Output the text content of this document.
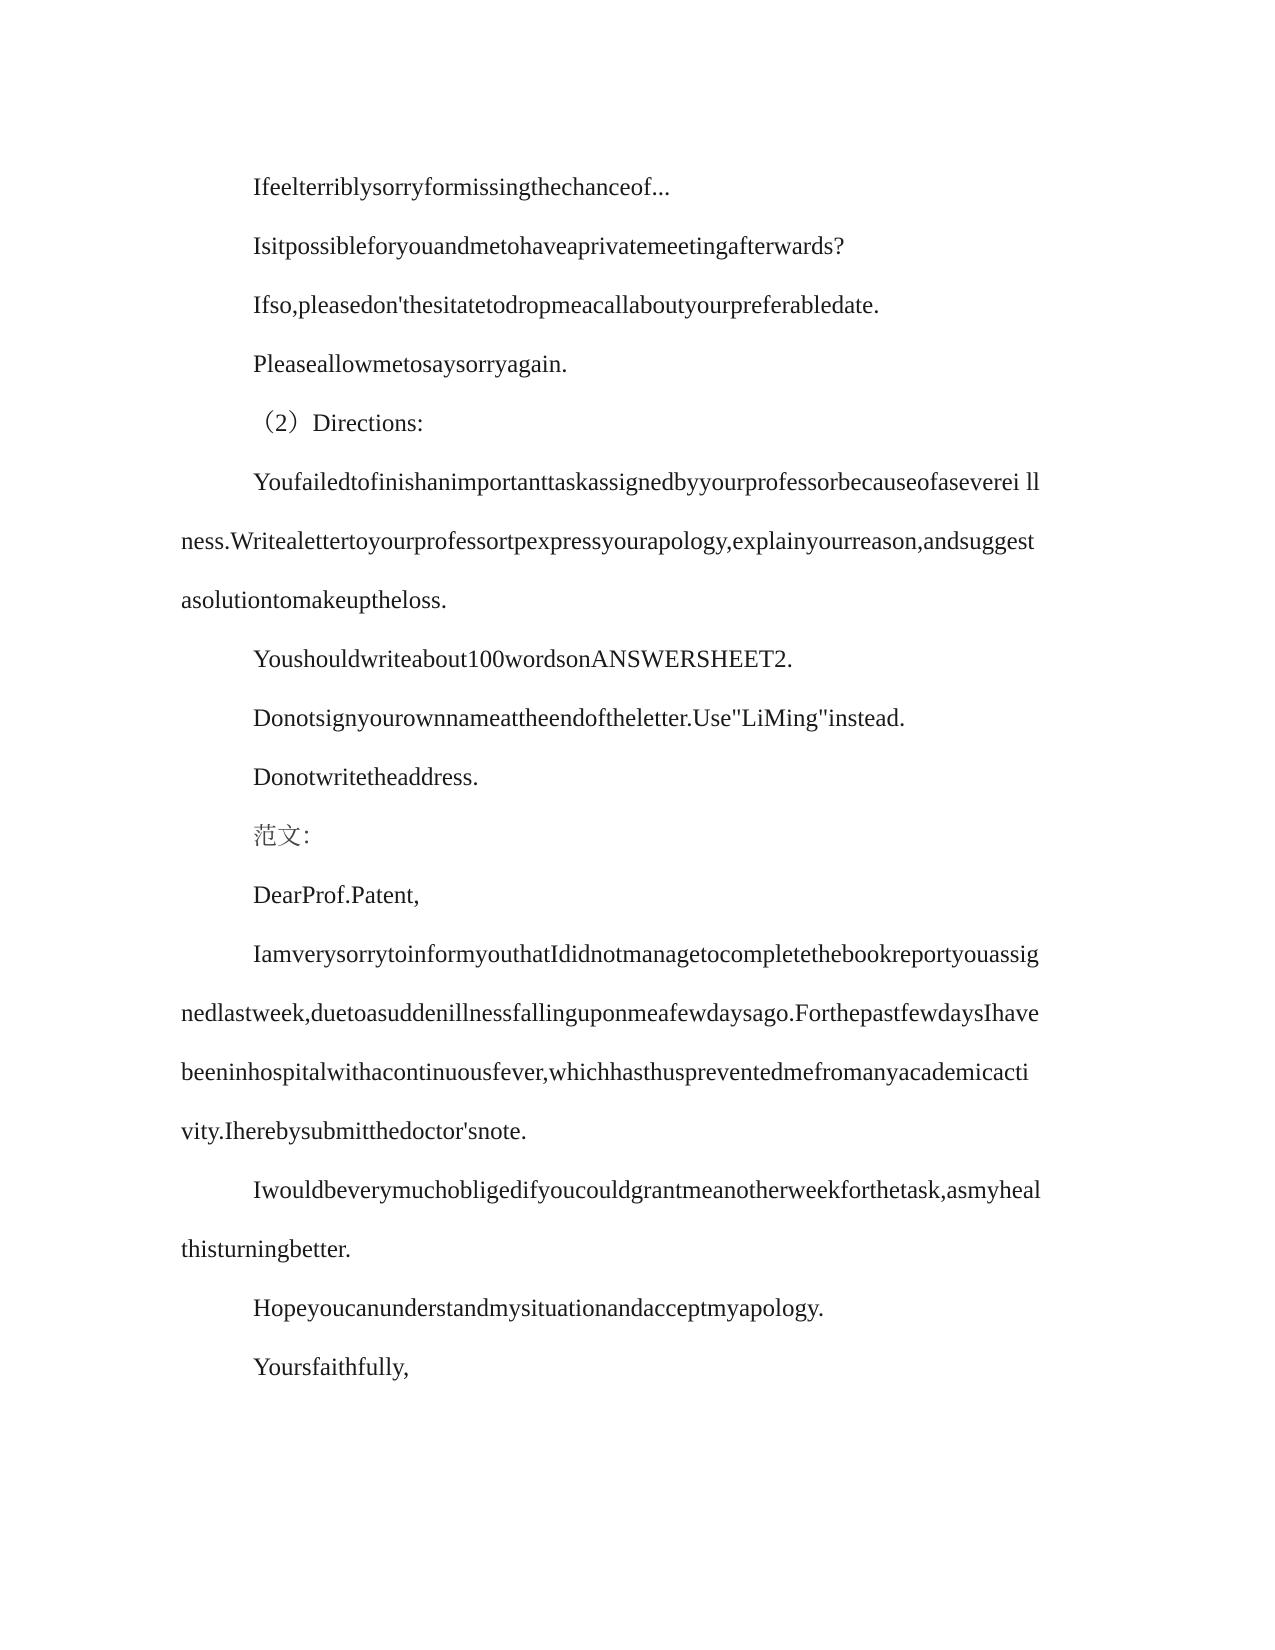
Ifeelterriblysorryformissingthechanceof...

Isitpossibleforyouandmetohaveaprivatemeetingafterwards?

Ifso,pleasedon'thesitatetodropmeacallaboutyourpreferabledate.

Pleaseallowmetosaysorryagain.

（2）Directions:

Youfailedtofinishanimportanttaskassignedbyyourprofessorbecauseofaseverei llness.Writealettertoyourprofessortpexpressyourapology,explainyourreason,andsuggestasolutiontomakeuptheloss.

Youshouldwriteabout100wordsonANSWERSHEET2.

Donotsignyourownnameattheendoftheletter.Use"LiMing"instead.

Donotwritetheaddress.

范文：

DearProf.Patent,

IamverysorrytoinformyouthatIdidnotmanagetocompletethebookreportyouassignedlastweek,duetoasuddenillnessfallinguponmeafewdaysago.ForthepastfewdaysIhavebeeninhospitalwithacontinuousfever,whichhasthuspreventedmefromanyacademicactivity.Iherebysubmitthedoctor'snote.

Iwouldbeverymuchobligedifyoucouldgrantmeanotherweekforthetask,asmyhealthisturningbetter.

Hopeyoucanunderstandmysituationandacceptmyapology.

Yoursfaithfully,
